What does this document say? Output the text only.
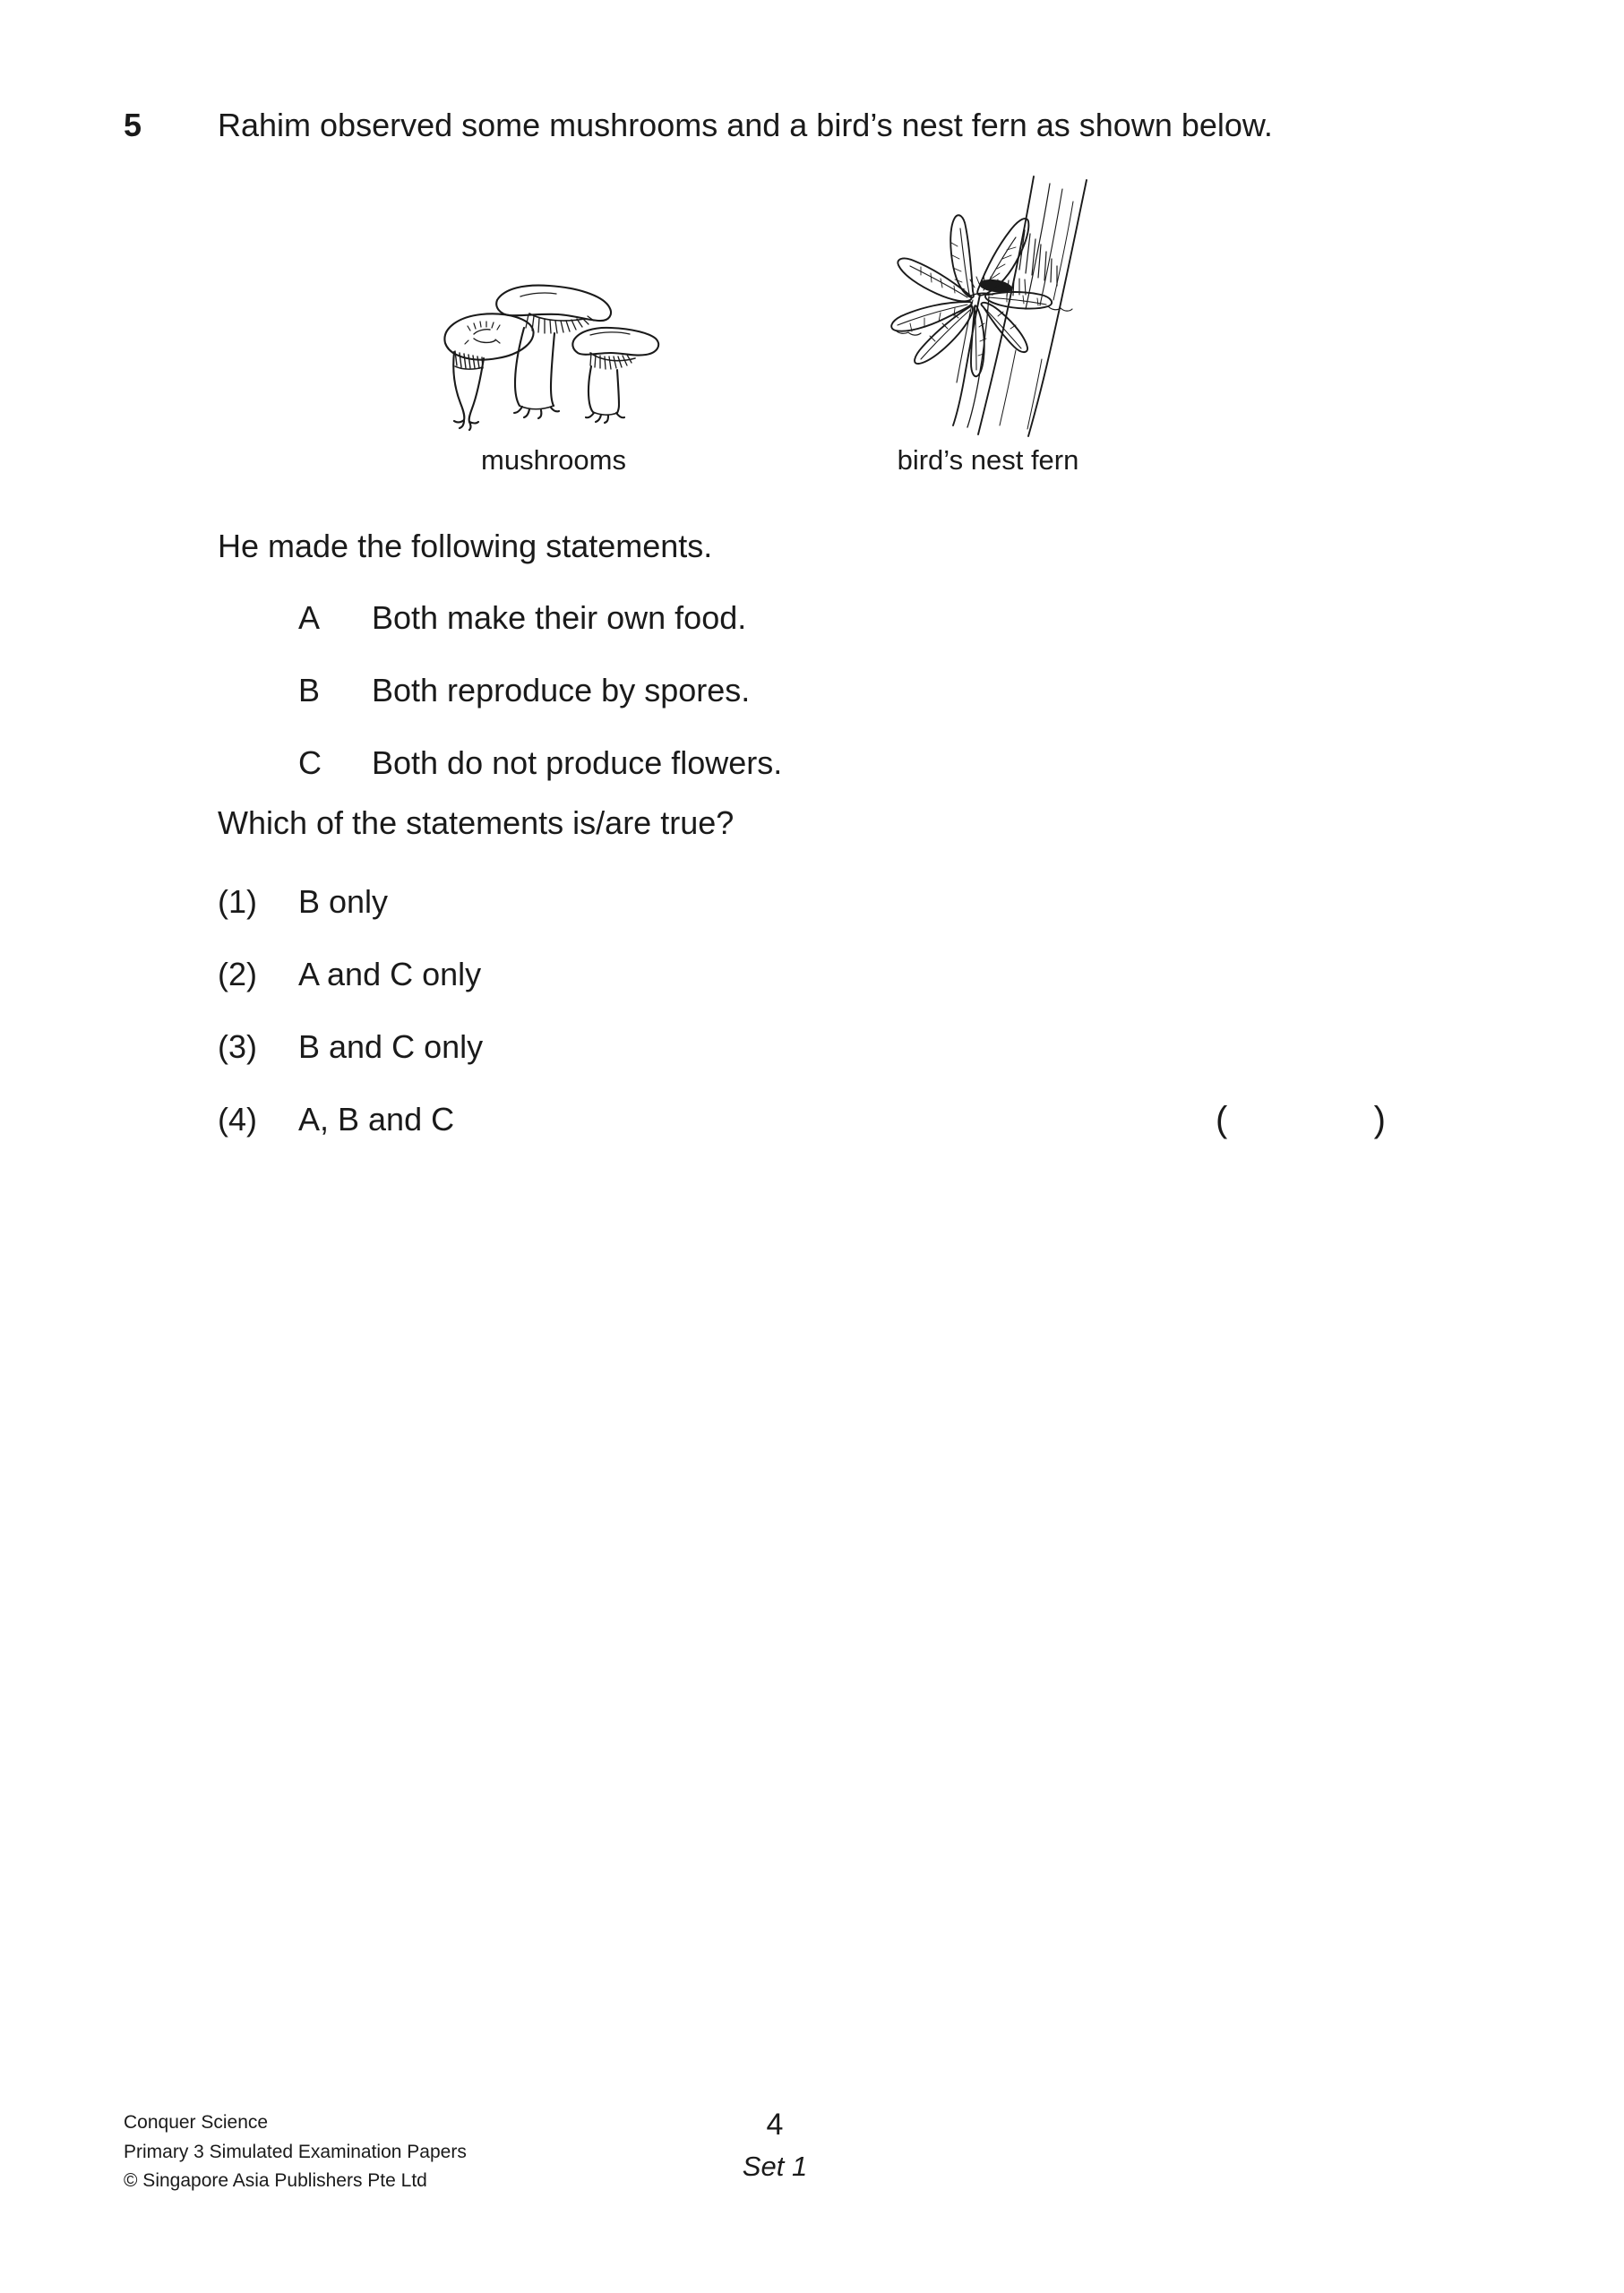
5	Rahim observed some mushrooms and a bird’s nest fern as shown below.
mushrooms	bird’s nest fern
He made the following statements.
A	Both make their own food.
B	Both reproduce by spores.
C	Both do not produce flowers.
Which of the statements is/are true?
(1)	B only
(2)	A and C only
(3)	B and C only
(4)	A, B and C	(	)
Conquer Science
Primary 3 Simulated Examination Papers
© Singapore Asia Publishers Pte Ltd
4
Set 1
